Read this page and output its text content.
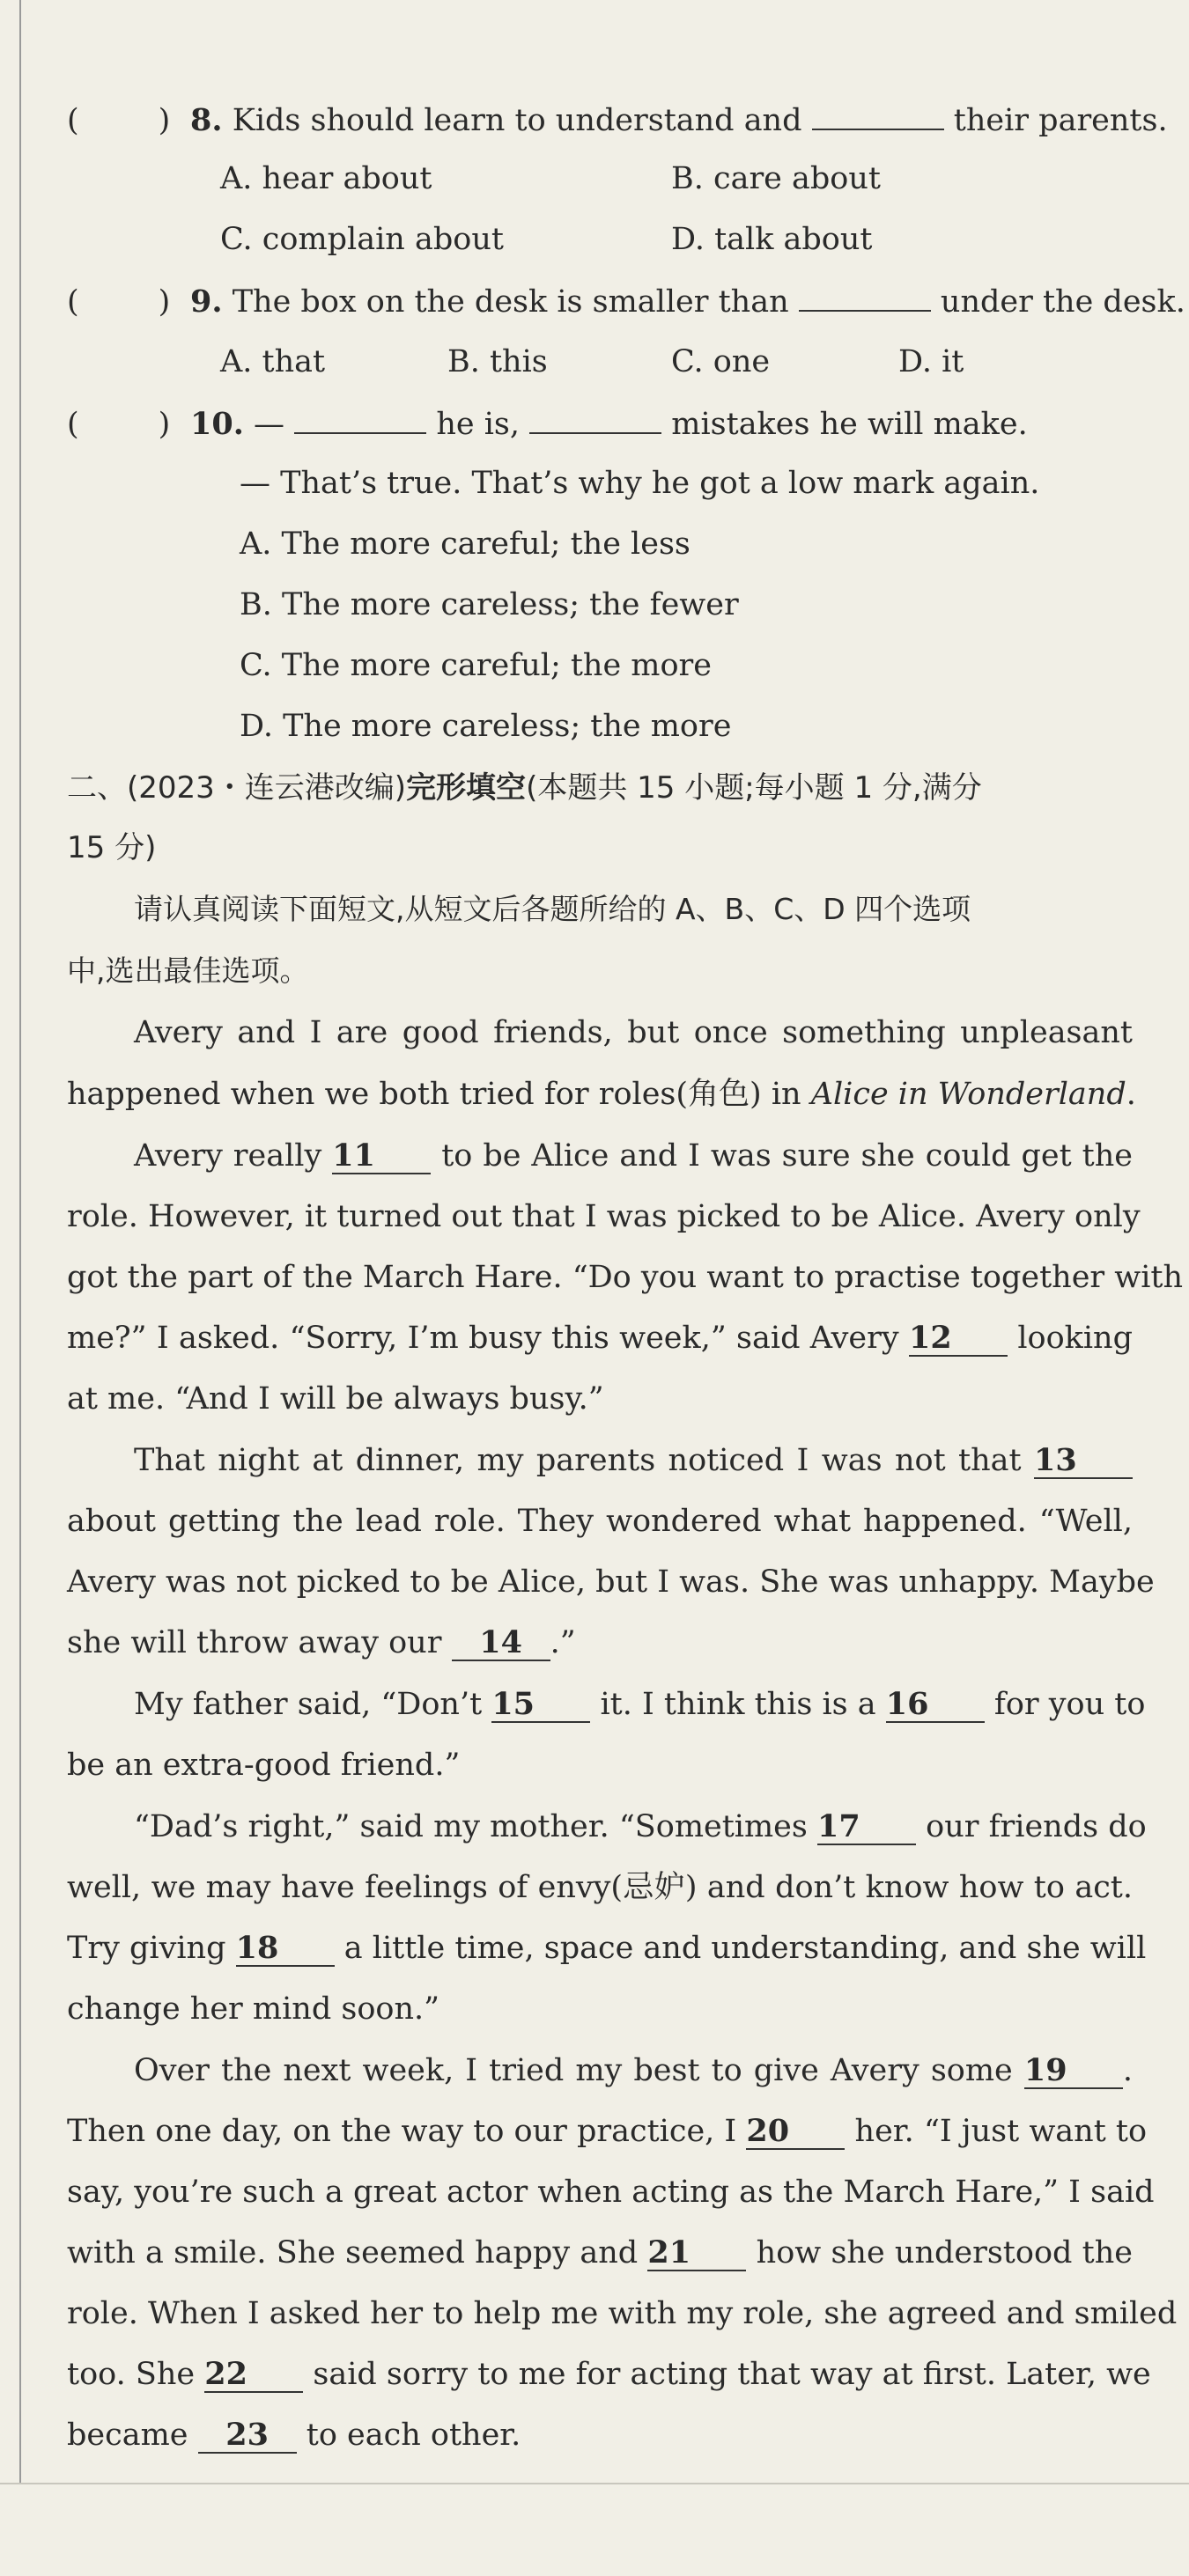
(	) 8. Kids should learn to understand and	their parents.
A. hear about	B. care about
C. complain about	D. talk about
(	) 9. The box on the desk is smaller than	under the desk.
A. that	B. this	C. one	D. it
(	) 10. —	he is,	mistakes he will make.
— That’s true. That’s why he got a low mark again.
A. The more careful; the less
B. The more careless; the fewer
C. The more careful; the more
D. The more careless; the more
二、(2023・连云港改编)完形填空(本题共 15 小题;每小题 1 分,满分
15 分)
请认真阅读下面短文,从短文后各题所给的 A、B、C、D 四个选项
中,选出最佳选项。
Avery and I are good friends, but once something unpleasant
happened when we both tried for roles(角色) in Alice in Wonderland.
Avery really 11 to be Alice and I was sure she could get the
role. However, it turned out that I was picked to be Alice. Avery only
got the part of the March Hare. “Do you want to practise together with
me?” I asked. “Sorry, I’m busy this week,” said Avery 12 looking
at me. “And I will be always busy.”
That night at dinner, my parents noticed I was not that 13
about getting the lead role. They wondered what happened. “Well,
Avery was not picked to be Alice, but I was. She was unhappy. Maybe
she will throw away our 14 .”
My father said, “Don’t 15 it. I think this is a 16 for you to
be an extra-good friend.”
“Dad’s right,” said my mother. “Sometimes 17 our friends do
well, we may have feelings of envy(忌妒) and don’t know how to act.
Try giving 18 a little time, space and understanding, and she will
change her mind soon.”
Over the next week, I tried my best to give Avery some 19 .
Then one day, on the way to our practice, I 20 her. “I just want to
say, you’re such a great actor when acting as the March Hare,” I said
with a smile. She seemed happy and 21 how she understood the
role. When I asked her to help me with my role, she agreed and smiled
too. She 22 said sorry to me for acting that way at first. Later, we
became 23 to each other.
